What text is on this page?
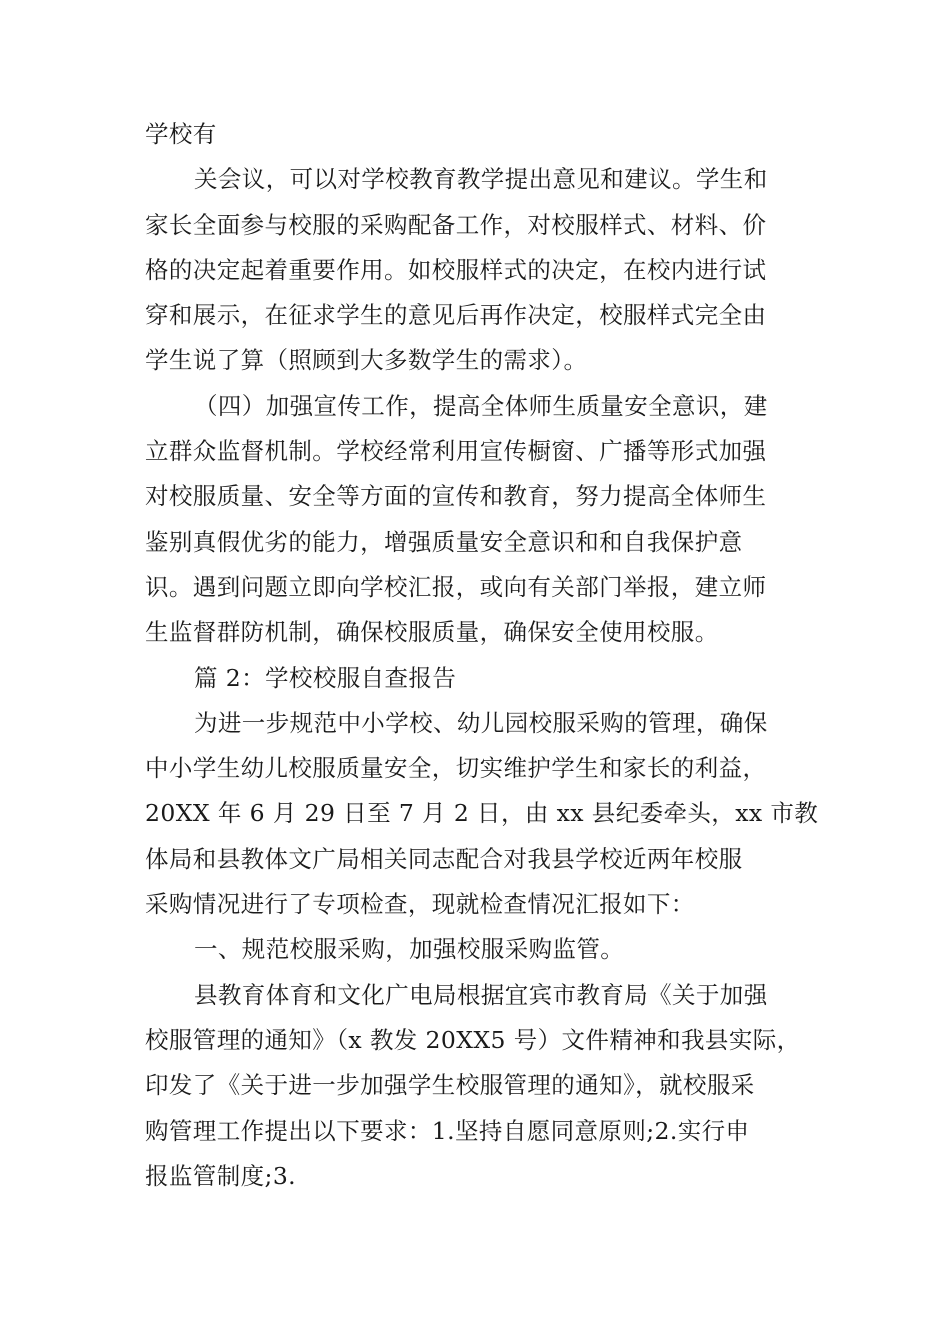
学校有
关会议，可以对学校教育教学提出意见和建议。学生和
家长全面参与校服的采购配备工作，对校服样式、材料、价
格的决定起着重要作用。如校服样式的决定，在校内进行试
穿和展示，在征求学生的意见后再作决定，校服样式完全由
学生说了算（照顾到大多数学生的需求）。
（四）加强宣传工作，提高全体师生质量安全意识，建
立群众监督机制。学校经常利用宣传橱窗、广播等形式加强
对校服质量、安全等方面的宣传和教育，努力提高全体师生
鉴别真假优劣的能力，增强质量安全意识和和自我保护意
识。遇到问题立即向学校汇报，或向有关部门举报，建立师
生监督群防机制，确保校服质量，确保安全使用校服。
篇 2：学校校服自查报告
为进一步规范中小学校、幼儿园校服采购的管理，确保
中小学生幼儿校服质量安全，切实维护学生和家长的利益，
20XX 年 6 月 29 日至 7 月 2 日，由 xx 县纪委牵头，xx 市教
体局和县教体文广局相关同志配合对我县学校近两年校服
采购情况进行了专项检查，现就检查情况汇报如下：
一、规范校服采购，加强校服采购监管。
县教育体育和文化广电局根据宜宾市教育局《关于加强
校服管理的通知》（x 教发 20XX5 号）文件精神和我县实际，
印发了《关于进一步加强学生校服管理的通知》，就校服采
购管理工作提出以下要求：1.坚持自愿同意原则;2.实行申
报监管制度;3.
